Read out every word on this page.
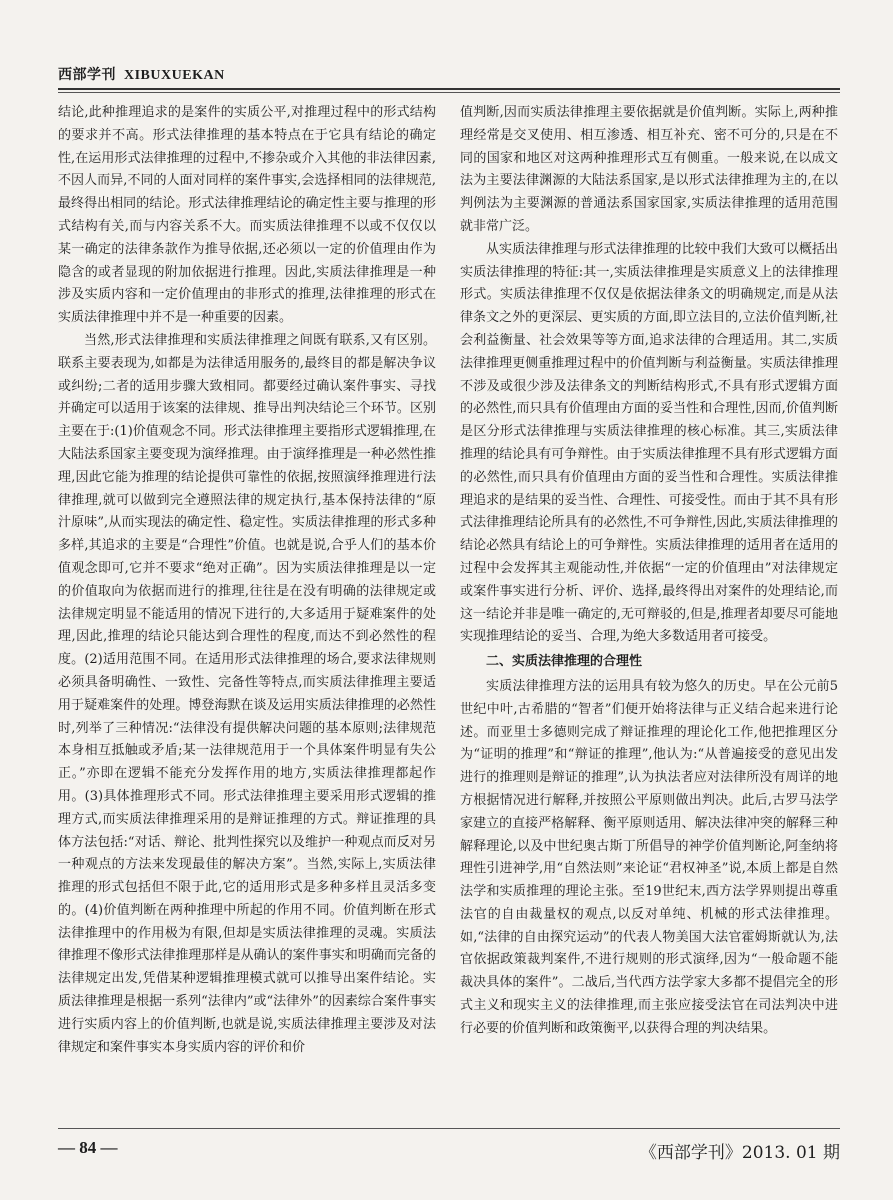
西部学刊 XIBUXUEKAN

结论,此种推理追求的是案件的实质公平,对推理过程中的形式结构的要求并不高。形式法律推理的基本特点在于它具有结论的确定性,在运用形式法律推理的过程中,不掺杂或介入其他的非法律因素,不因人而异,不同的人面对同样的案件事实,会选择相同的法律规范,最终得出相同的结论。形式法律推理结论的确定性主要与推理的形式结构有关,而与内容关系不大。而实质法律推理不以或不仅仅以某一确定的法律条款作为推导依据,还必须以一定的价值理由作为隐含的或者显现的附加依据进行推理。因此,实质法律推理是一种涉及实质内容和一定价值理由的非形式的推理,法律推理的形式在实质法律推理中并不是一种重要的因素。

当然,形式法律推理和实质法律推理之间既有联系,又有区别。联系主要表现为,如都是为法律适用服务的,最终目的都是解决争议或纠纷;二者的适用步骤大致相同。都要经过确认案件事实、寻找并确定可以适用于该案的法律规、推导出判决结论三个环节。区别主要在于:(1)价值观念不同。形式法律推理主要指形式逻辑推理,在大陆法系国家主要变现为演绎推理。由于演绎推理是一种必然性推理,因此它能为推理的结论提供可靠性的依据,按照演绎推理进行法律推理,就可以做到完全遵照法律的规定执行,基本保持法律的“原汁原味”,从而实现法的确定性、稳定性。实质法律推理的形式多种多样,其追求的主要是“合理性”价值。也就是说,合乎人们的基本价值观念即可,它并不要求“绝对正确”。因为实质法律推理是以一定的价值取向为依据而进行的推理,往往是在没有明确的法律规定或法律规定明显不能适用的情况下进行的,大多适用于疑难案件的处理,因此,推理的结论只能达到合理性的程度,而达不到必然性的程度。(2)适用范围不同。在适用形式法律推理的场合,要求法律规则必须具备明确性、一致性、完备性等特点,而实质法律推理主要适用于疑难案件的处理。博登海默在谈及运用实质法律推理的必然性时,列举了三种情况:“法律没有提供解决问题的基本原则;法律规范本身相互抵触或矛盾;某一法律规范用于一个具体案件明显有失公正。”亦即在逻辑不能充分发挥作用的地方,实质法律推理都起作用。(3)具体推理形式不同。形式法律推理主要采用形式逻辑的推理方式,而实质法律推理采用的是辩证推理的方式。辩证推理的具体方法包括:“对话、辩论、批判性探究以及维护一种观点而反对另一种观点的方法来发现最佳的解决方案”。当然,实际上,实质法律推理的形式包括但不限于此,它的适用形式是多种多样且灵活多变的。(4)价值判断在两种推理中所起的作用不同。价值判断在形式法律推理中的作用极为有限,但却是实质法律推理的灵魂。实质法律推理不像形式法律推理那样是从确认的案件事实和明确而完备的法律规定出发,凭借某种逻辑推理模式就可以推导出案件结论。实质法律推理是根据一系列“法律内”或“法律外”的因素综合案件事实进行实质内容上的价值判断,也就是说,实质法律推理主要涉及对法律规定和案件事实本身实质内容的评价和价

值判断,因而实质法律推理主要依据就是价值判断。实际上,两种推理经常是交叉使用、相互渗透、相互补充、密不可分的,只是在不同的国家和地区对这两种推理形式互有侧重。一般来说,在以成文法为主要法律渊源的大陆法系国家,是以形式法律推理为主的,在以判例法为主要渊源的普通法系国家国家,实质法律推理的适用范围就非常广泛。

从实质法律推理与形式法律推理的比较中我们大致可以概括出实质法律推理的特征:其一,实质法律推理是实质意义上的法律推理形式。实质法律推理不仅仅是依据法律条文的明确规定,而是从法律条文之外的更深层、更实质的方面,即立法目的,立法价值判断,社会利益衡量、社会效果等等方面,追求法律的合理适用。其二,实质法律推理更侧重推理过程中的价值判断与利益衡量。实质法律推理不涉及或很少涉及法律条文的判断结构形式,不具有形式逻辑方面的必然性,而只具有价值理由方面的妥当性和合理性,因而,价值判断是区分形式法律推理与实质法律推理的核心标准。其三,实质法律推理的结论具有可争辩性。由于实质法律推理不具有形式逻辑方面的必然性,而只具有价值理由方面的妥当性和合理性。实质法律推理追求的是结果的妥当性、合理性、可接受性。而由于其不具有形式法律推理结论所具有的必然性,不可争辩性,因此,实质法律推理的结论必然具有结论上的可争辩性。实质法律推理的适用者在适用的过程中会发挥其主观能动性,并依据“一定的价值理由”对法律规定或案件事实进行分析、评价、选择,最终得出对案件的处理结论,而这一结论并非是唯一确定的,无可辩驳的,但是,推理者却要尽可能地实现推理结论的妥当、合理,为绝大多数适用者可接受。

二、实质法律推理的合理性

实质法律推理方法的运用具有较为悠久的历史。早在公元前5世纪中叶,古希腊的“智者”们便开始将法律与正义结合起来进行论述。而亚里士多德则完成了辩证推理的理论化工作,他把推理区分为“证明的推理”和“辩证的推理”,他认为:“从普遍接受的意见出发进行的推理则是辩证的推理”,认为执法者应对法律所没有周详的地方根据情况进行解释,并按照公平原则做出判决。此后,古罗马法学家建立的直接严格解释、衡平原则适用、解决法律冲突的解释三种解释理论,以及中世纪奥古斯丁所倡导的神学价值判断论,阿奎纳将理性引进神学,用“自然法则”来论证“君权神圣”说,本质上都是自然法学和实质推理的理论主张。至19世纪末,西方法学界则提出尊重法官的自由裁量权的观点,以反对单纯、机械的形式法律推理。如,“法律的自由探究运动”的代表人物美国大法官霍姆斯就认为,法官依据政策裁判案件,不进行规则的形式演绎,因为“一般命题不能裁决具体的案件”。二战后,当代西方法学家大多都不提倡完全的形式主义和现实主义的法律推理,而主张应接受法官在司法判决中进行必要的价值判断和政策衡平,以获得合理的判决结果。

— 84 —	《西部学刊》2013. 01 期
